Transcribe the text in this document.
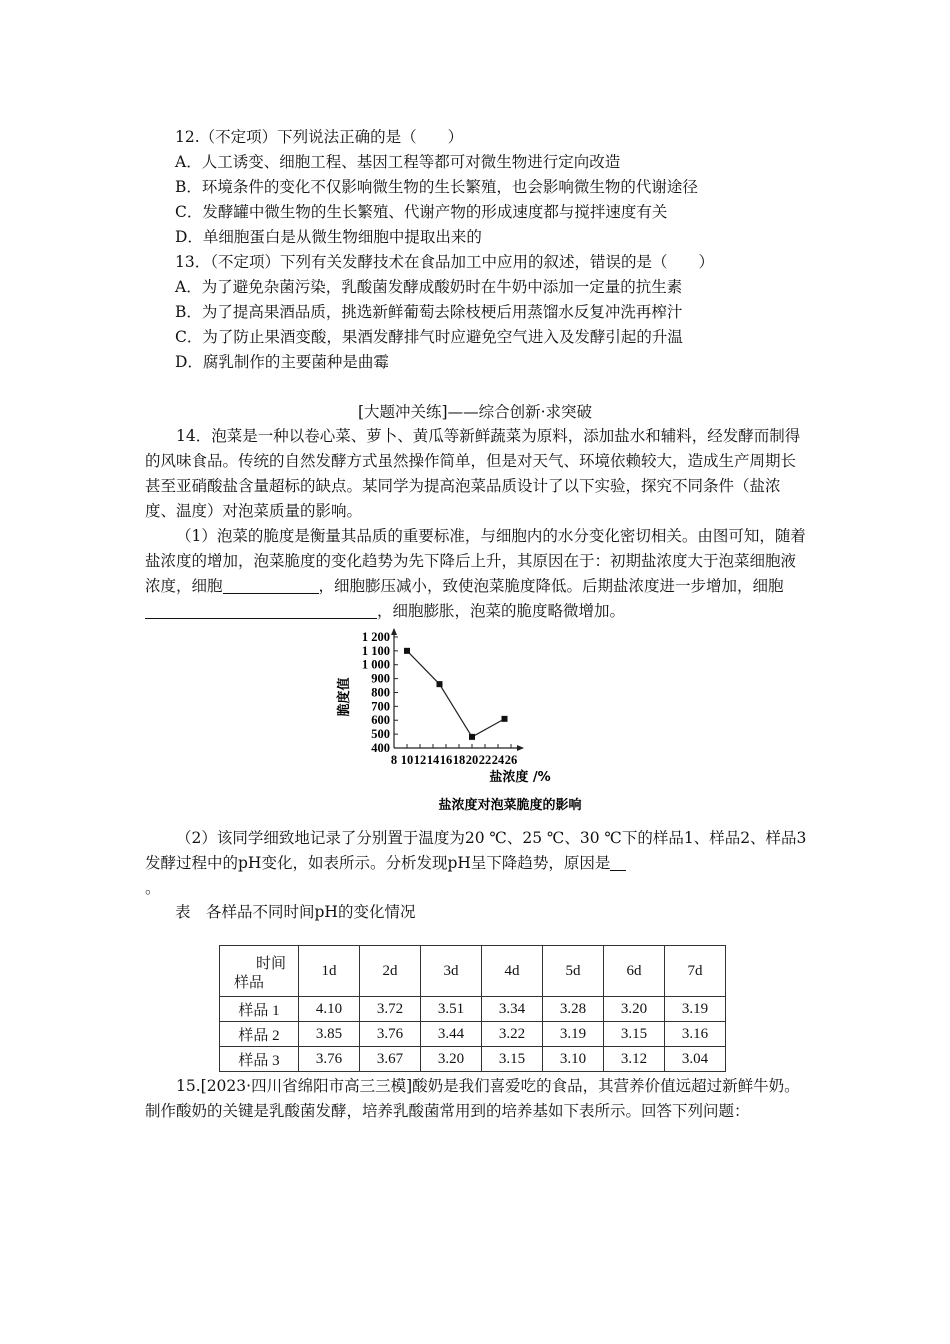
12.（不定项）下列说法正确的是（　　）
A．人工诱变、细胞工程、基因工程等都可对微生物进行定向改造
B．环境条件的变化不仅影响微生物的生长繁殖，也会影响微生物的代谢途径
C．发酵罐中微生物的生长繁殖、代谢产物的形成速度都与搅拌速度有关
D．单细胞蛋白是从微生物细胞中提取出来的
13．（不定项）下列有关发酵技术在食品加工中应用的叙述，错误的是（　　）
A．为了避免杂菌污染，乳酸菌发酵成酸奶时在牛奶中添加一定量的抗生素
B．为了提高果酒品质，挑选新鲜葡萄去除枝梗后用蒸馏水反复冲洗再榨汁
C．为了防止果酒变酸，果酒发酵排气时应避免空气进入及发酵引起的升温
D．腐乳制作的主要菌种是曲霉
[大题冲关练]——综合创新·求突破
14．泡菜是一种以卷心菜、萝卜、黄瓜等新鲜蔬菜为原料，添加盐水和辅料，经发酵而制得的风味食品。传统的自然发酵方式虽然操作简单，但是对天气、环境依赖较大，造成生产周期长甚至亚硝酸盐含量超标的缺点。某同学为提高泡菜品质设计了以下实验，探究不同条件（盐浓度、温度）对泡菜质量的影响。
（1）泡菜的脆度是衡量其品质的重要标准，与细胞内的水分变化密切相关。由图可知，随着盐浓度的增加，泡菜脆度的变化趋势为先下降后上升，其原因在于：初期盐浓度大于泡菜细胞液浓度，细胞	，细胞膨压减小，致使泡菜脆度降低。后期盐浓度进一步增加，细胞，细胞膨胀，泡菜的脆度略微增加。
400
500
600
700
800
900
1 000
1 100
1 200
8 10 12 14 16 18 20 22 24 26
脆度值
盐浓度 /%
盐浓度对泡菜脆度的影响
（2）该同学细致地记录了分别置于温度为20 ℃、25 ℃、30 ℃下的样品1、样品2、样品3发酵过程中的pH变化，如表所示。分析发现pH呈下降趋势，原因是
。
表　各样品不同时间pH的变化情况
时间
样品	1d	2d	3d	4d	5d	6d	7d
样品 1	4.10	3.72	3.51	3.34	3.28	3.20	3.19
样品 2	3.85	3.76	3.44	3.22	3.19	3.15	3.16
样品 3	3.76	3.67	3.20	3.15	3.10	3.12	3.04
15.[2023·四川省绵阳市高三三模]酸奶是我们喜爱吃的食品，其营养价值远超过新鲜牛奶。制作酸奶的关键是乳酸菌发酵，培养乳酸菌常用到的培养基如下表所示。回答下列问题：
